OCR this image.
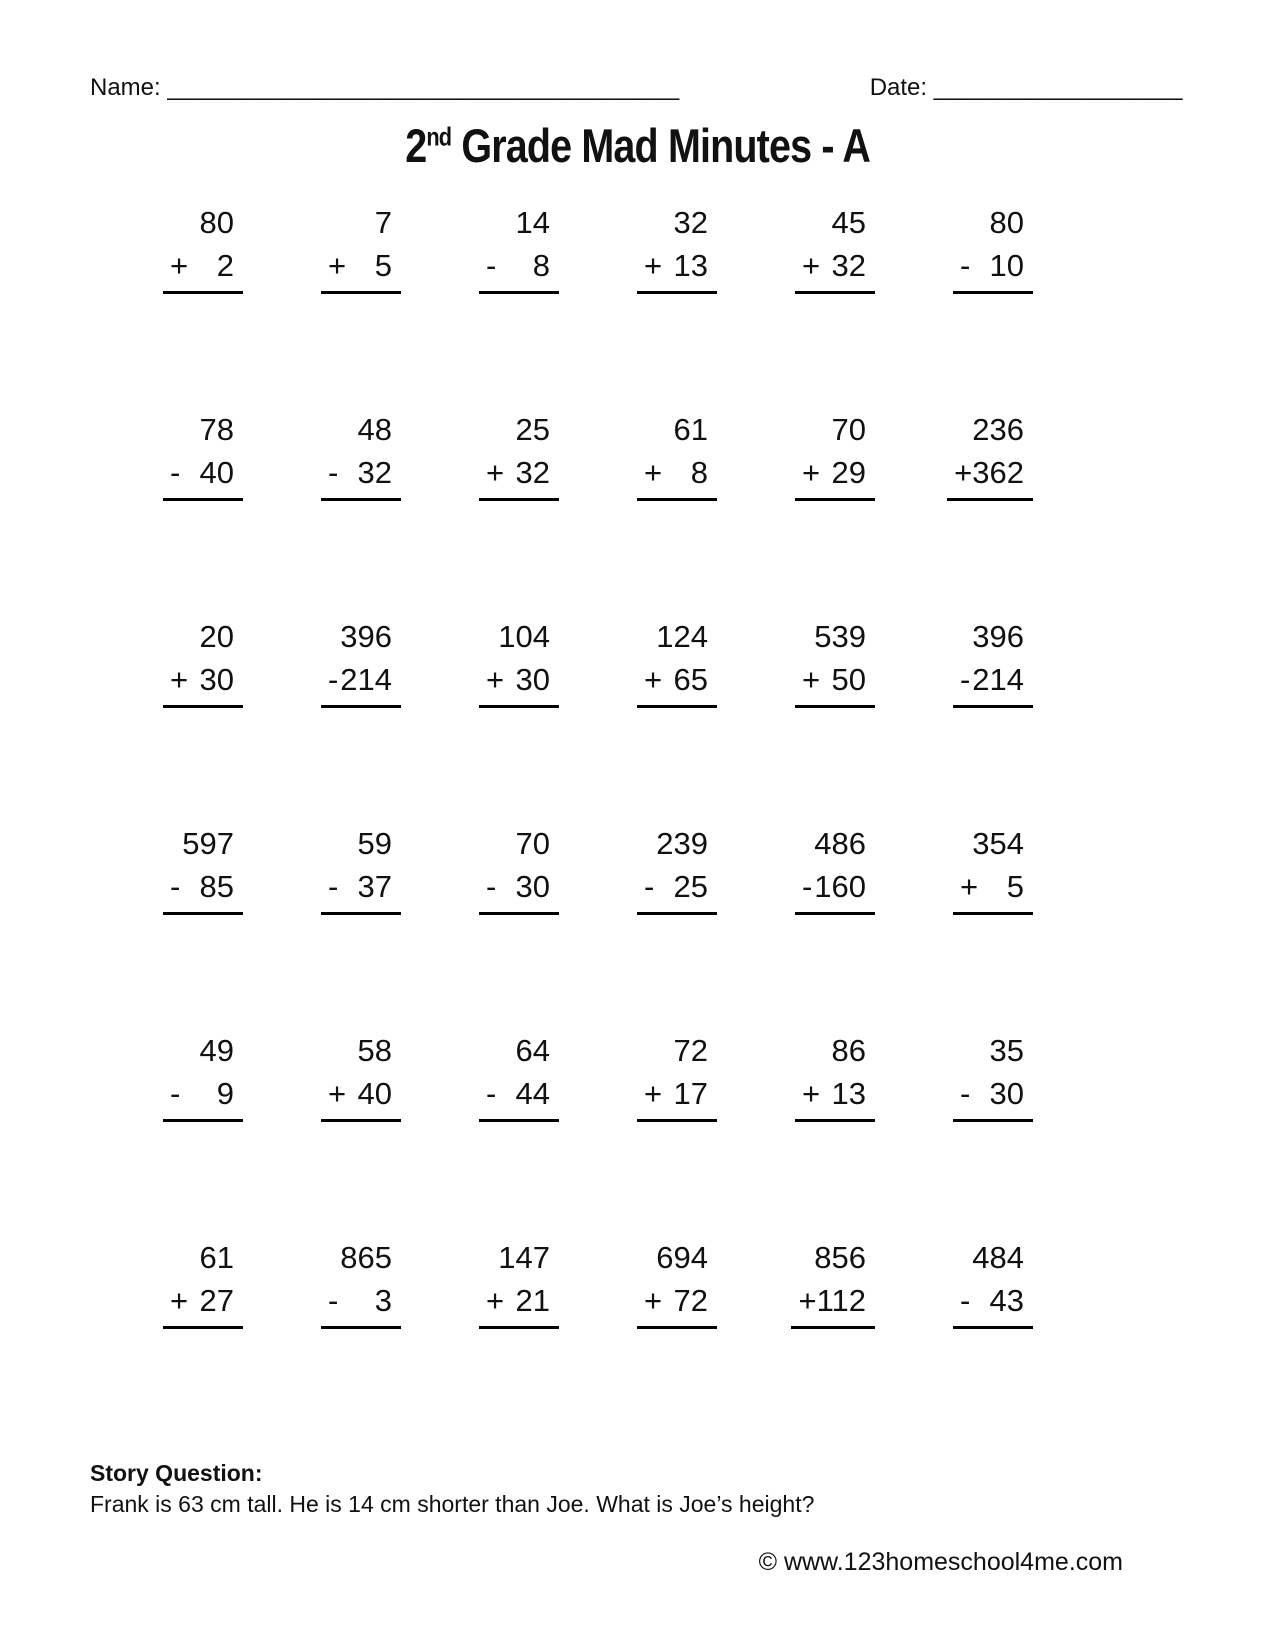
Name: _____________________________________	Date: __________________
2nd Grade Mad Minutes - A
80
+ 2
7
+ 5
14
- 8
32
+ 13
45
+ 32
80
- 10
78
- 40
48
- 32
25
+ 32
61
+ 8
70
+ 29
236
+ 362
20
+ 30
396
- 214
104
+ 30
124
+ 65
539
+ 50
396
- 214
597
- 85
59
- 37
70
- 30
239
- 25
486
- 160
354
+ 5
49
- 9
58
+ 40
64
- 44
72
+ 17
86
+ 13
35
- 30
61
+ 27
865
- 3
147
+ 21
694
+ 72
856
+ 112
484
- 43
Story Question:
Frank is 63 cm tall. He is 14 cm shorter than Joe. What is Joe’s height?
© www.123homeschool4me.com
